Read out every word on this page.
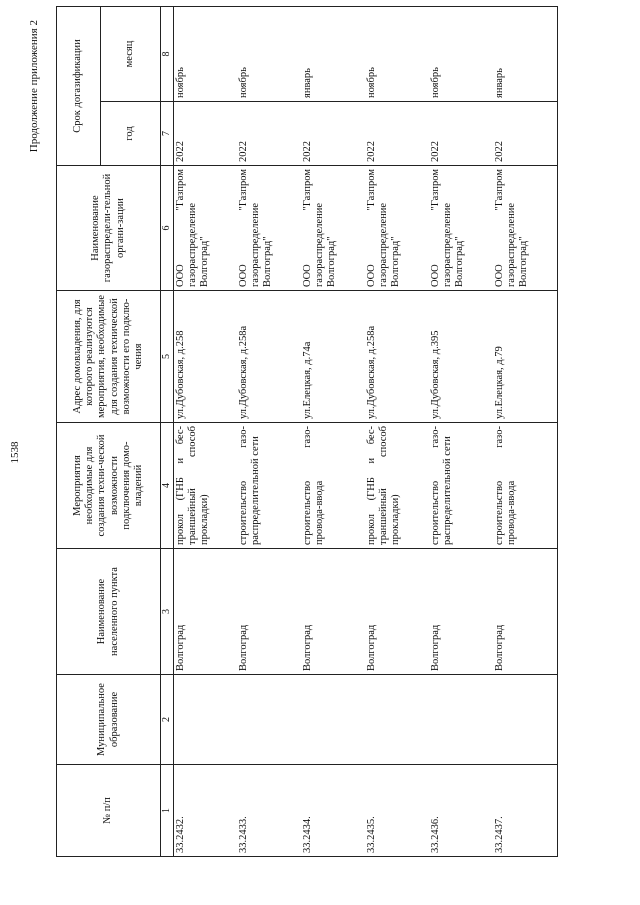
1538
Продолжение приложения 2
№ п/п	Муниципальное образование	Наименование населенного пункта	Мероприятия необходимые для создания техни-ческой возможности подключения домо-владений	Адрес домовладения, для которого реализуются мероприятия, необходимые для создания технической возможности его подклю-чения	Наименование газораспредели-тельной органи-зации	Срок догазификации	
						год	месяц
1	2	3	4	5	6	7	8
33.2432.		Волгоград	прокол (ГНБ и бес-траншейный способ прокладки)	ул.Дубовская, д.258	ООО "Газпром газораспределение Волгоград"	2022	ноябрь
33.2433.		Волгоград	строительство газо-распределительной сети	ул.Дубовская, д.258а	ООО "Газпром газораспределение Волгоград"	2022	ноябрь
33.2434.		Волгоград	строительство газо-провода-ввода	ул.Елецкая, д.74а	ООО "Газпром газораспределение Волгоград"	2022	январь
33.2435.		Волгоград	прокол (ГНБ и бес-траншейный способ прокладки)	ул.Дубовская, д.258а	ООО "Газпром газораспределение Волгоград"	2022	ноябрь
33.2436.		Волгоград	строительство газо-распределительной сети	ул.Дубовская, д.395	ООО "Газпром газораспределение Волгоград"	2022	ноябрь
33.2437.		Волгоград	строительство газо-провода-ввода	ул.Елецкая, д.79	ООО "Газпром газораспределение Волгоград"	2022	январь
